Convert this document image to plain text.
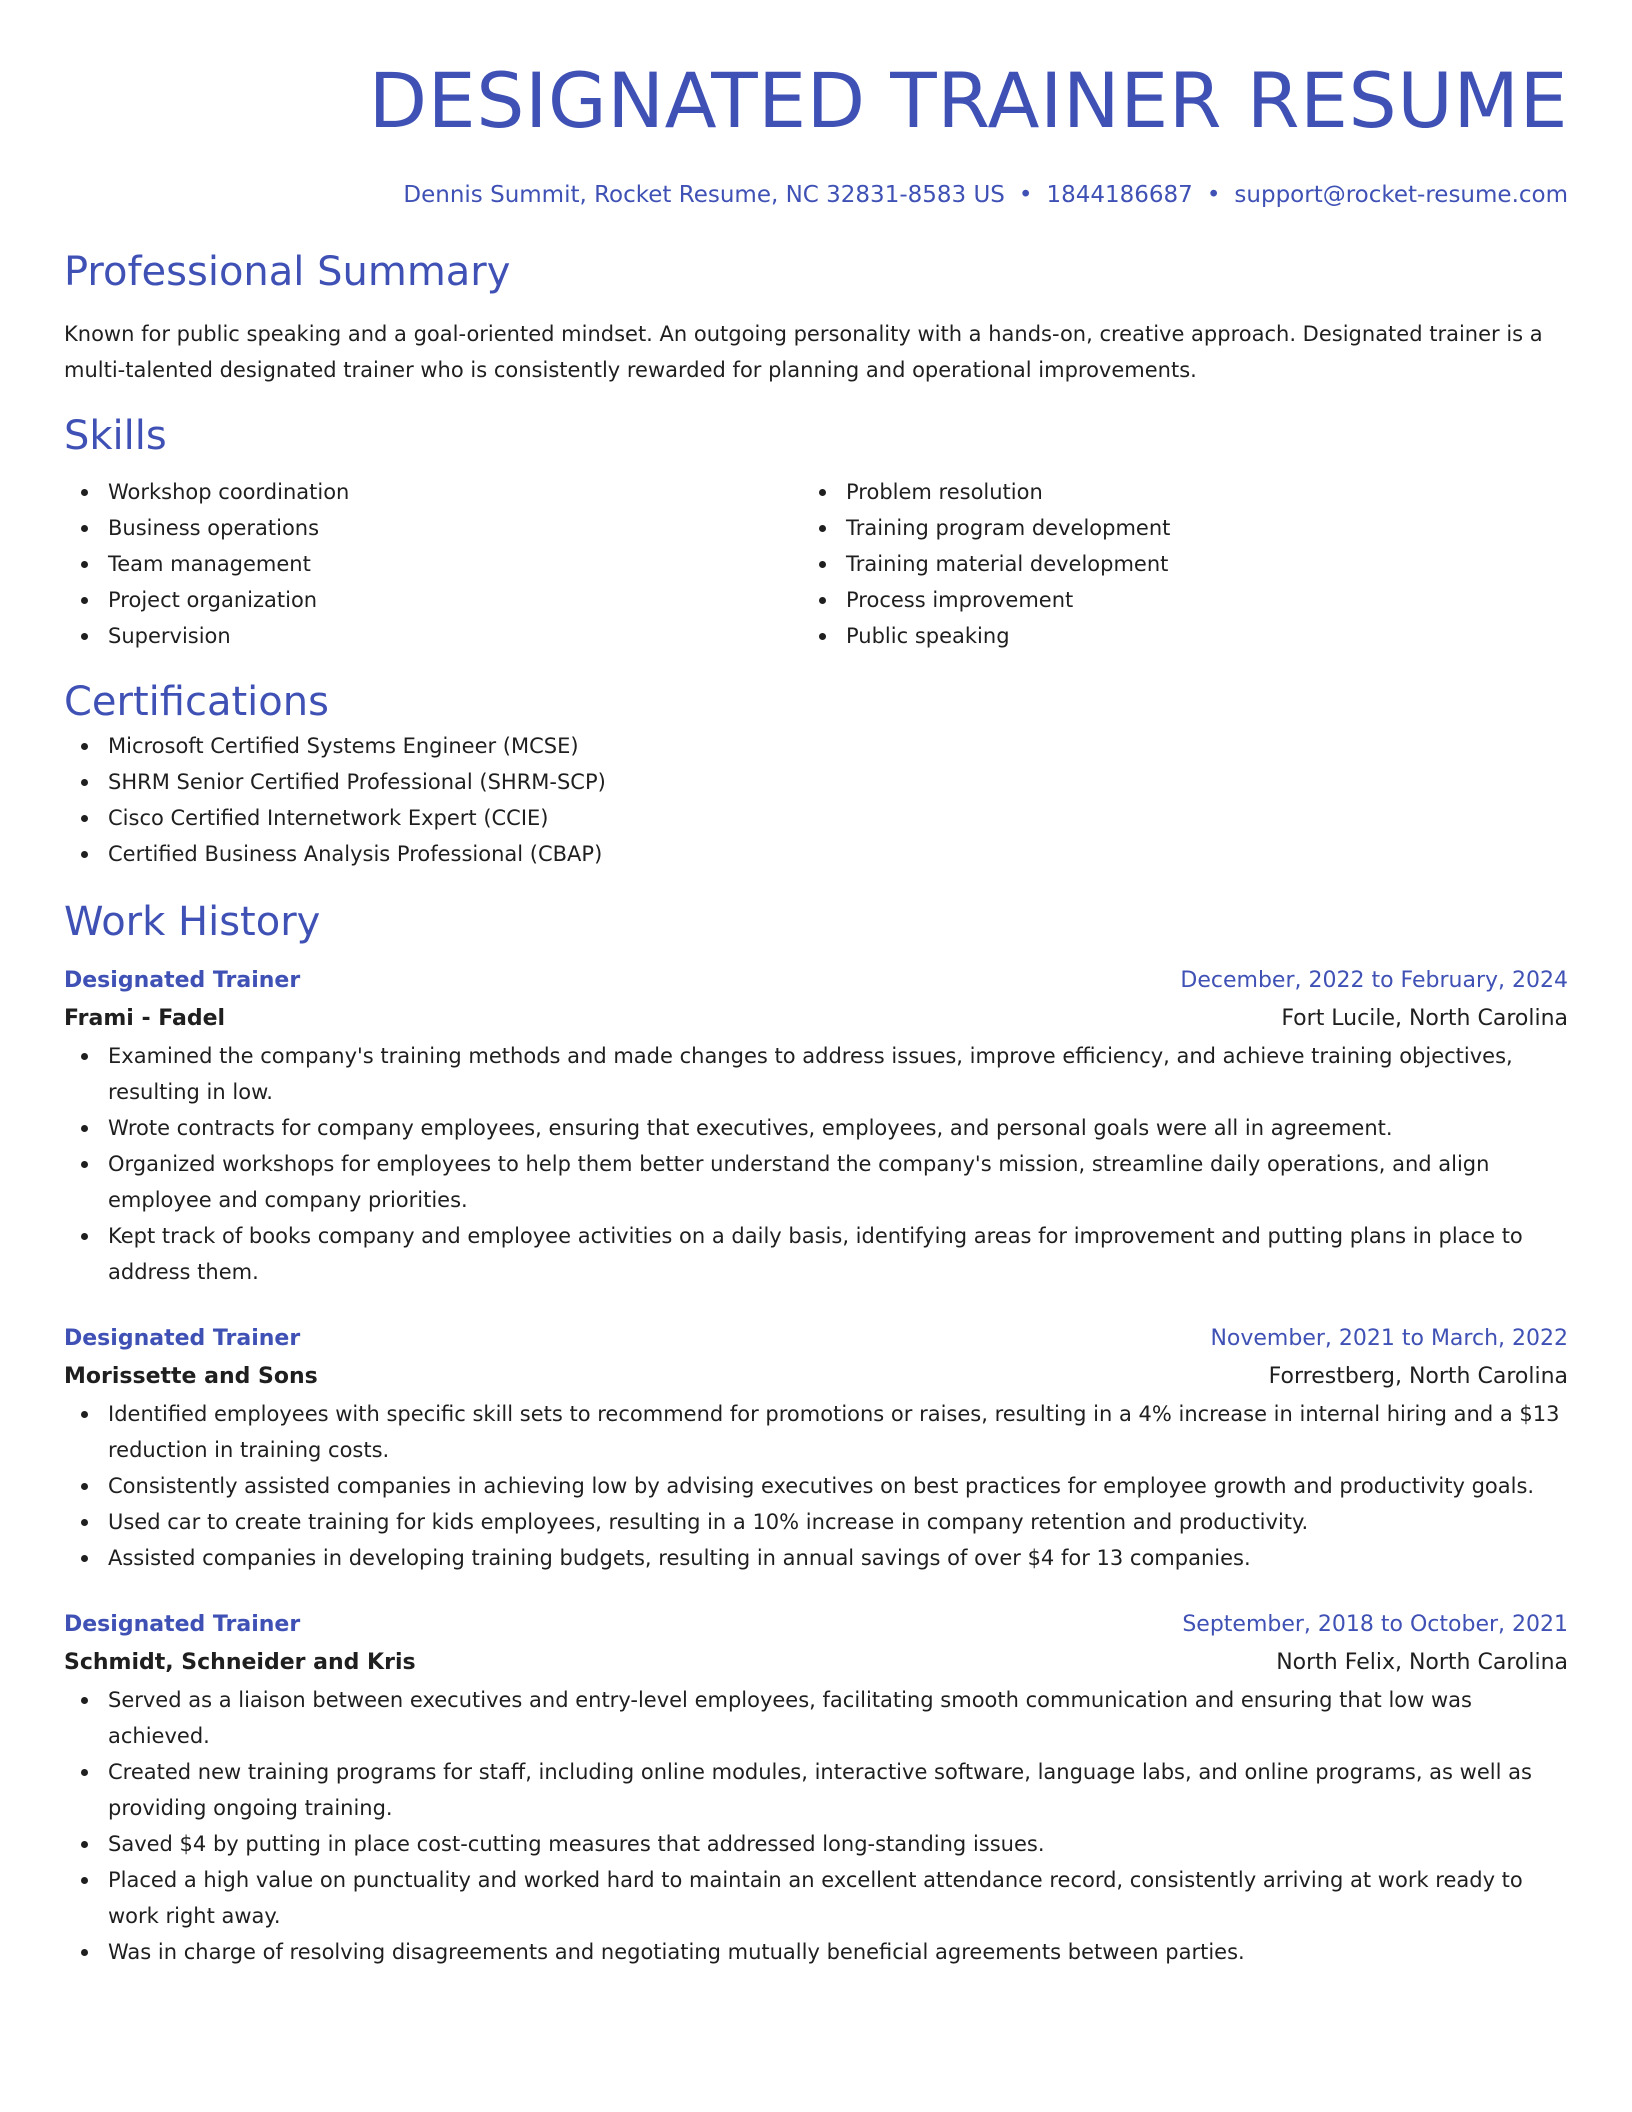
DESIGNATED TRAINER RESUME
Dennis Summit, Rocket Resume, NC 32831-8583 US • 1844186687 • support@rocket-resume.com
Professional Summary

Known for public speaking and a goal-oriented mindset. An outgoing personality with a hands-on, creative approach. Designated trainer is a multi-talented designated trainer who is consistently rewarded for planning and operational improvements.

Skills
Workshop coordination
Business operations
Team management
Project organization
Supervision
Problem resolution
Training program development
Training material development
Process improvement
Public speaking
Certifications
Microsoft Certified Systems Engineer (MCSE)
SHRM Senior Certified Professional (SHRM-SCP)
Cisco Certified Internetwork Expert (CCIE)
Certified Business Analysis Professional (CBAP)
Work History
Designated Trainer	December, 2022 to February, 2024
Frami - Fadel	Fort Lucile, North Carolina
Examined the company's training methods and made changes to address issues, improve efficiency, and achieve training objectives, resulting in low.
Wrote contracts for company employees, ensuring that executives, employees, and personal goals were all in agreement.
Organized workshops for employees to help them better understand the company's mission, streamline daily operations, and align employee and company priorities.
Kept track of books company and employee activities on a daily basis, identifying areas for improvement and putting plans in place to address them.
Designated Trainer	November, 2021 to March, 2022
Morissette and Sons	Forrestberg, North Carolina
Identified employees with specific skill sets to recommend for promotions or raises, resulting in a 4% increase in internal hiring and a $13 reduction in training costs.
Consistently assisted companies in achieving low by advising executives on best practices for employee growth and productivity goals.
Used car to create training for kids employees, resulting in a 10% increase in company retention and productivity.
Assisted companies in developing training budgets, resulting in annual savings of over $4 for 13 companies.
Designated Trainer	September, 2018 to October, 2021
Schmidt, Schneider and Kris	North Felix, North Carolina
Served as a liaison between executives and entry-level employees, facilitating smooth communication and ensuring that low was achieved.
Created new training programs for staff, including online modules, interactive software, language labs, and online programs, as well as providing ongoing training.
Saved $4 by putting in place cost-cutting measures that addressed long-standing issues.
Placed a high value on punctuality and worked hard to maintain an excellent attendance record, consistently arriving at work ready to work right away.
Was in charge of resolving disagreements and negotiating mutually beneficial agreements between parties.
